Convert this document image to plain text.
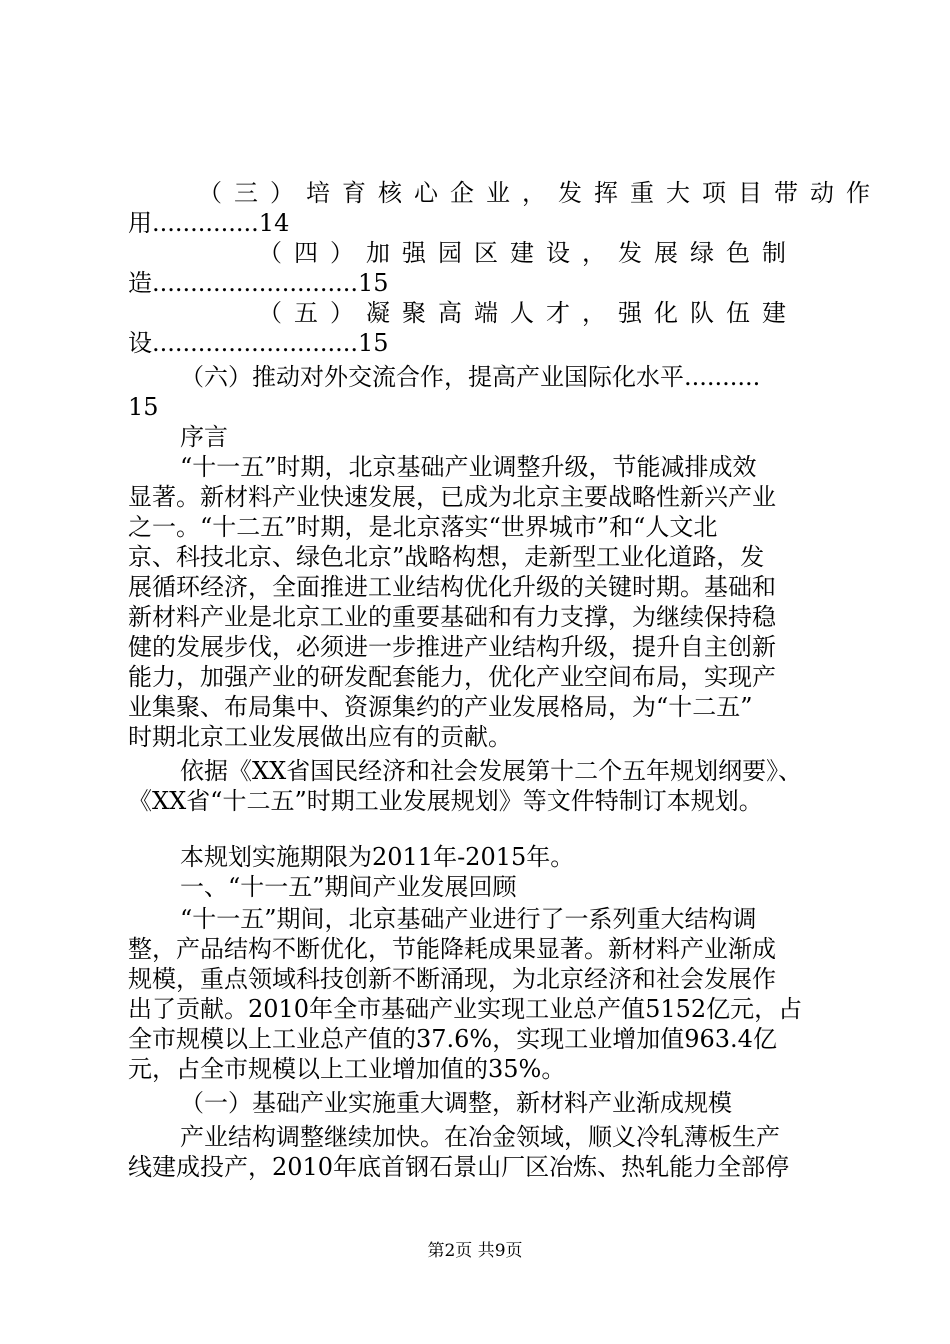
（三）培育核心企业，发挥重大项目带动作
用..............14
（四）加强园区建设，发展绿色制
造...........................15
（五）凝聚高端人才，强化队伍建
设...........................15
（六）推动对外交流合作，提高产业国际化水平..........
15
序言
“十一五”时期，北京基础产业调整升级，节能减排成效
显著。新材料产业快速发展，已成为北京主要战略性新兴产业
之一。“十二五”时期，是北京落实“世界城市”和“人文北
京、科技北京、绿色北京”战略构想，走新型工业化道路，发
展循环经济，全面推进工业结构优化升级的关键时期。基础和
新材料产业是北京工业的重要基础和有力支撑，为继续保持稳
健的发展步伐，必须进一步推进产业结构升级，提升自主创新
能力，加强产业的研发配套能力，优化产业空间布局，实现产
业集聚、布局集中、资源集约的产业发展格局，为“十二五”
时期北京工业发展做出应有的贡献。
依据《XX省国民经济和社会发展第十二个五年规划纲要》、
《XX省“十二五”时期工业发展规划》等文件特制订本规划。
本规划实施期限为2011年-2015年。
一、“十一五”期间产业发展回顾
“十一五”期间，北京基础产业进行了一系列重大结构调
整，产品结构不断优化，节能降耗成果显著。新材料产业渐成
规模，重点领域科技创新不断涌现，为北京经济和社会发展作
出了贡献。2010年全市基础产业实现工业总产值5152亿元，占
全市规模以上工业总产值的37.6%，实现工业增加值963.4亿
元，占全市规模以上工业增加值的35%。
（一）基础产业实施重大调整，新材料产业渐成规模
产业结构调整继续加快。在冶金领域，顺义冷轧薄板生产
线建成投产，2010年底首钢石景山厂区冶炼、热轧能力全部停
第2页 共9页
